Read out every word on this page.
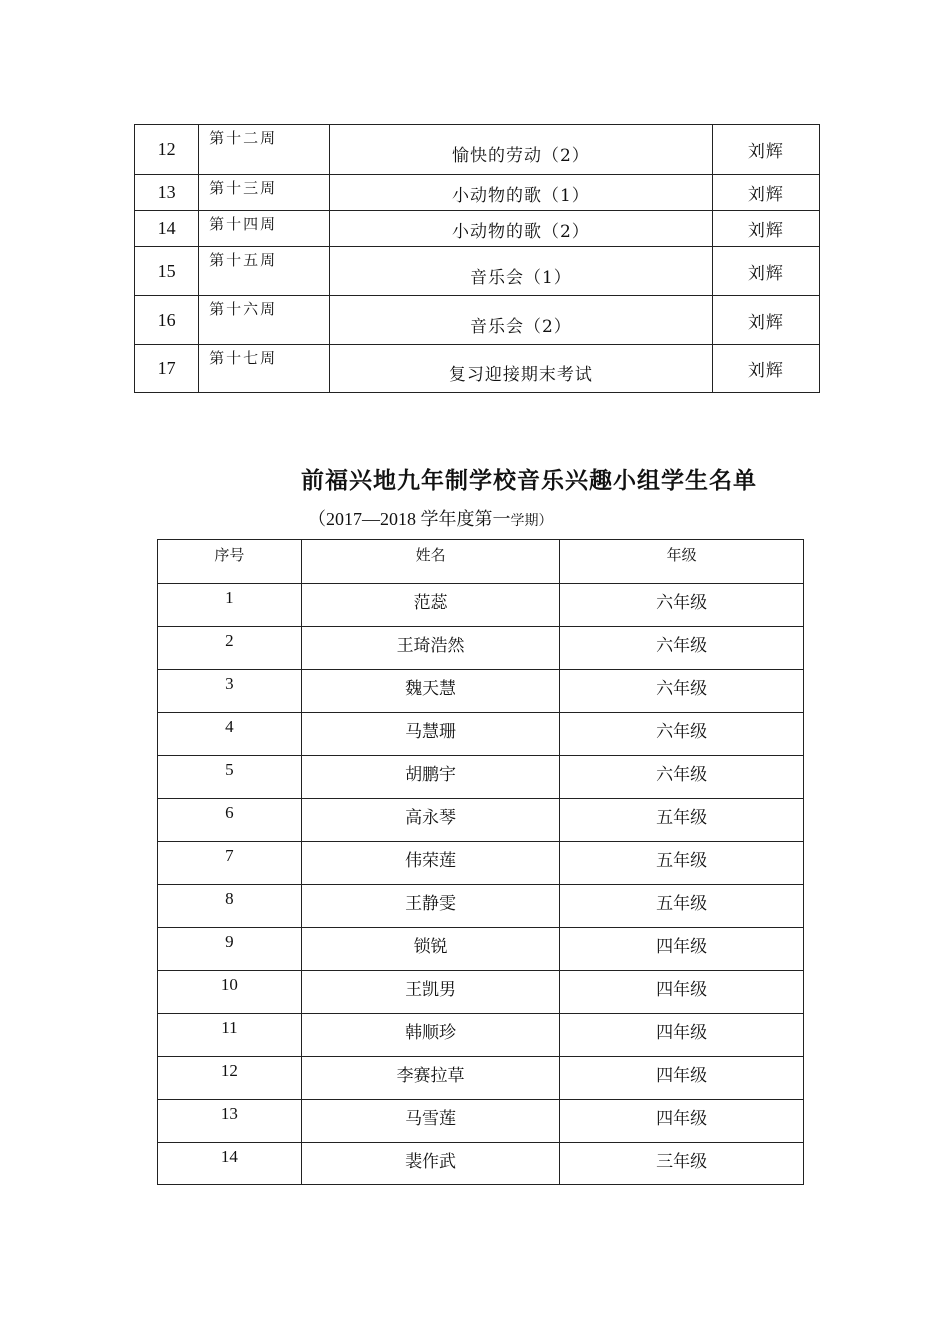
12	第十二周	愉快的劳动（2）	刘辉
13	第十三周	小动物的歌（1）	刘辉
14	第十四周	小动物的歌（2）	刘辉
15	第十五周	音乐会（1）	刘辉
16	第十六周	音乐会（2）	刘辉
17	第十七周	复习迎接期末考试	刘辉
前福兴地九年制学校音乐兴趣小组学生名单

（2017—2018 学年度第一学期）

序号	姓名	年级
1	范蕊	六年级
2	王琦浩然	六年级
3	魏天慧	六年级
4	马慧珊	六年级
5	胡鹏宇	六年级
6	高永琴	五年级
7	伟荣莲	五年级
8	王静雯	五年级
9	锁锐	四年级
10	王凯男	四年级
11	韩顺珍	四年级
12	李赛拉草	四年级
13	马雪莲	四年级
14	裴作武	三年级
